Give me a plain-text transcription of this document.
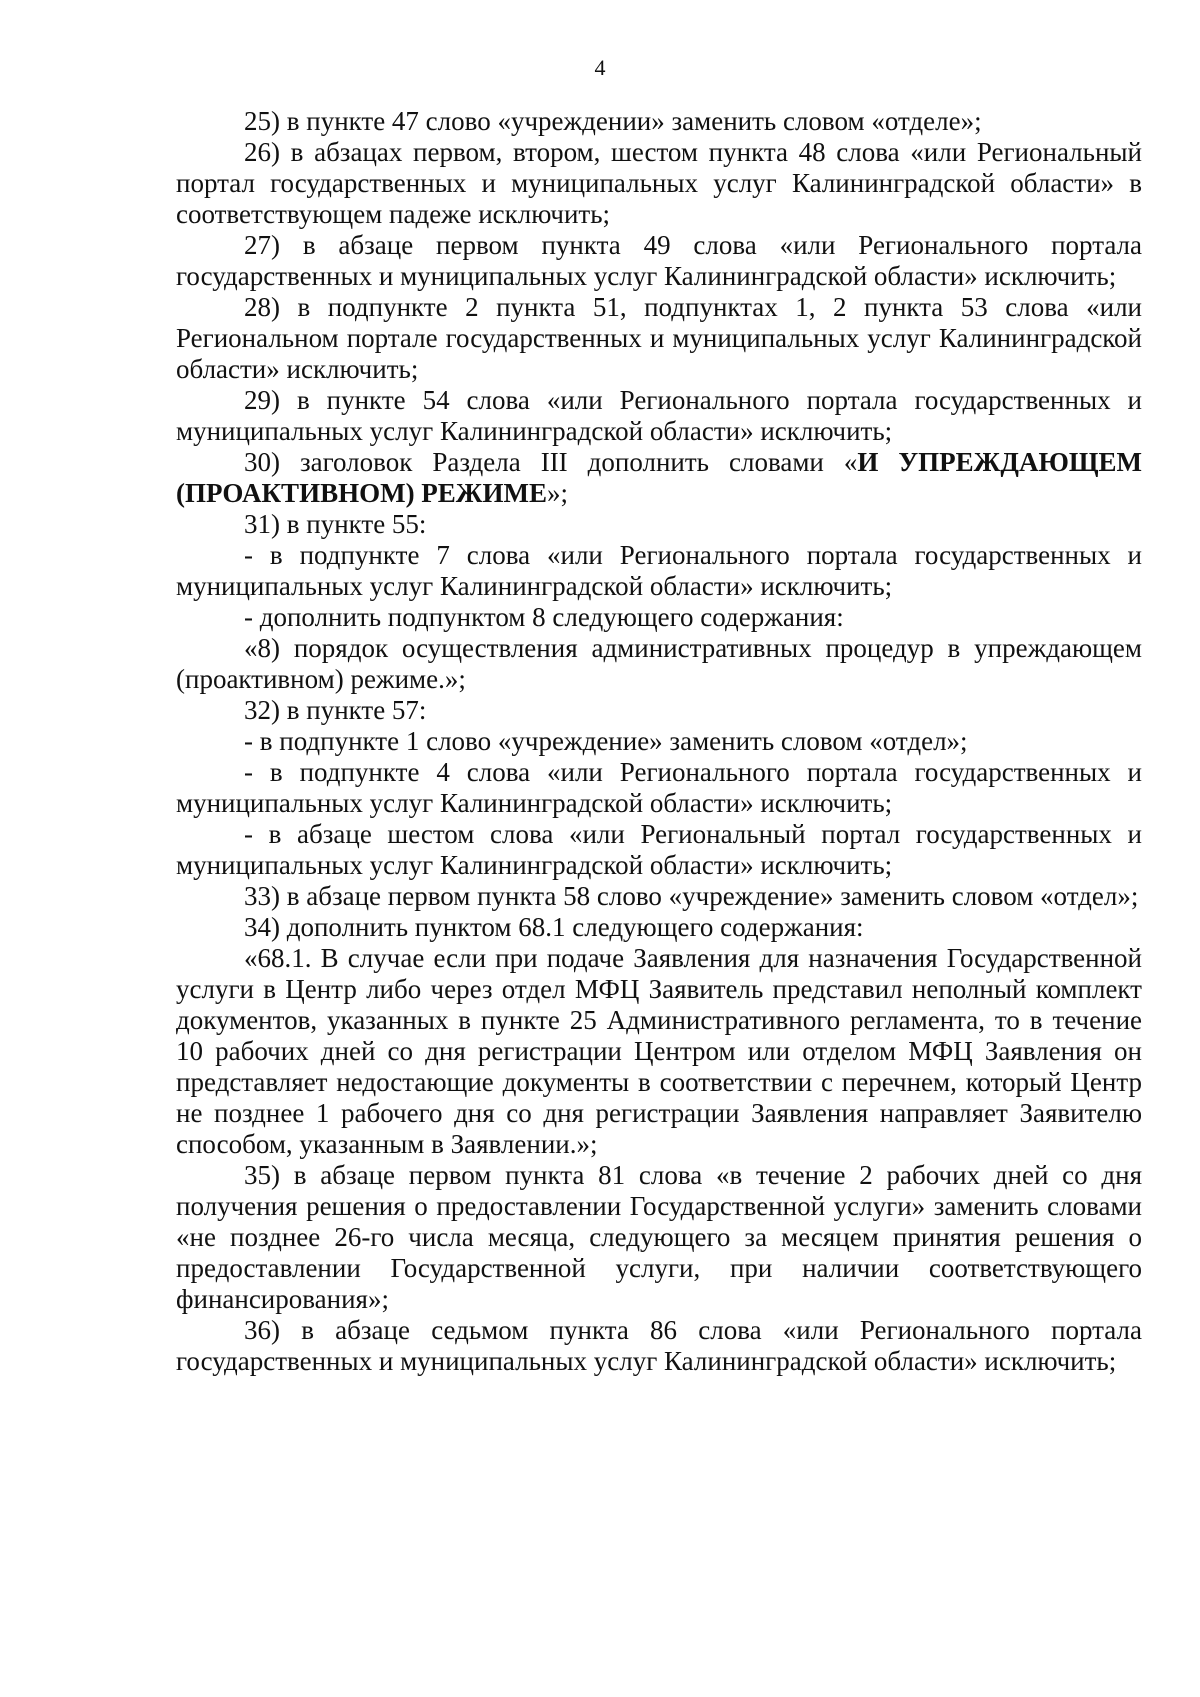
4

25) в пункте 47 слово «учреждении» заменить словом «отделе»;

26) в абзацах первом, втором, шестом пункта 48 слова «или Региональный портал государственных и муниципальных услуг Калининградской области» в соответствующем падеже исключить;

27) в абзаце первом пункта 49 слова «или Регионального портала государственных и муниципальных услуг Калининградской области» исключить;

28) в подпункте 2 пункта 51, подпунктах 1, 2 пункта 53 слова «или Региональном портале государственных и муниципальных услуг Калининградской области» исключить;

29) в пункте 54 слова «или Регионального портала государственных и муниципальных услуг Калининградской области» исключить;

30) заголовок Раздела III дополнить словами «И УПРЕЖДАЮЩЕМ (ПРОАКТИВНОМ) РЕЖИМЕ»;

31) в пункте 55:

- в подпункте 7 слова «или Регионального портала государственных и муниципальных услуг Калининградской области» исключить;

- дополнить подпунктом 8 следующего содержания:

«8) порядок осуществления административных процедур в упреждающем (проактивном) режиме.»;

32) в пункте 57:

- в подпункте 1 слово «учреждение» заменить словом «отдел»;

- в подпункте 4 слова «или Регионального портала государственных и муниципальных услуг Калининградской области» исключить;

- в абзаце шестом слова «или Региональный портал государственных и муниципальных услуг Калининградской области» исключить;

33) в абзаце первом пункта 58 слово «учреждение» заменить словом «отдел»;

34) дополнить пунктом 68.1 следующего содержания:

«68.1. В случае если при подаче Заявления для назначения Государственной услуги в Центр либо через отдел МФЦ Заявитель представил неполный комплект документов, указанных в пункте 25 Административного регламента, то в течение 10 рабочих дней со дня регистрации Центром или отделом МФЦ Заявления он представляет недостающие документы в соответствии с перечнем, который Центр не позднее 1 рабочего дня со дня регистрации Заявления направляет Заявителю способом, указанным в Заявлении.»;

35) в абзаце первом пункта 81 слова «в течение 2 рабочих дней со дня получения решения о предоставлении Государственной услуги» заменить словами «не позднее 26-го числа месяца, следующего за месяцем принятия решения о предоставлении Государственной услуги, при наличии соответствующего финансирования»;

36) в абзаце седьмом пункта 86 слова «или Регионального портала государственных и муниципальных услуг Калининградской области» исключить;
